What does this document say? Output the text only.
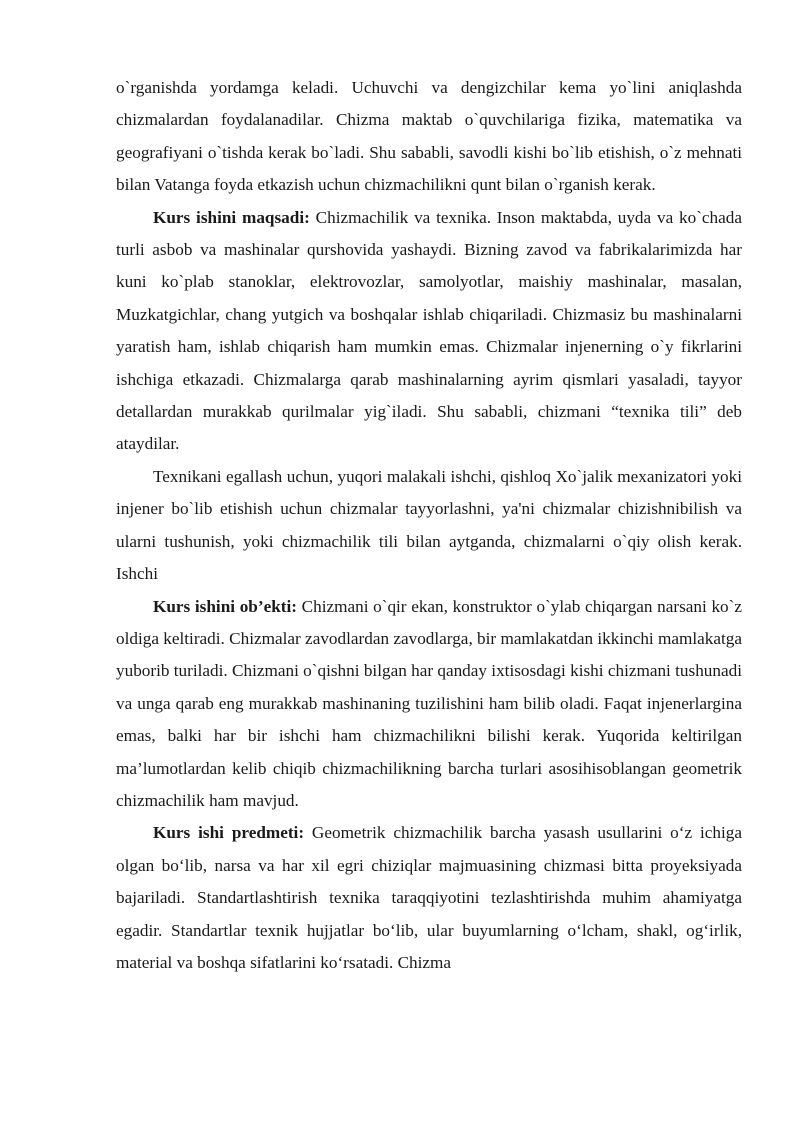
o`rganishda yordamga keladi. Uchuvchi va dengizchilar kema yo`lini aniqlashda chizmalardan foydalanadilar. Chizma maktab o`quvchilariga fizika, matematika va geografiyani o`tishda kerak bo`ladi. Shu sababli, savodli kishi bo`lib etishish, o`z mehnati bilan Vatanga foyda etkazish uchun chizmachilikni qunt bilan o`rganish kerak.

Kurs ishini maqsadi: Chizmachilik va texnika. Inson maktabda, uyda va ko`chada turli asbob va mashinalar qurshovida yashaydi. Bizning zavod va fabrikalarimizda har kuni ko`plab stanoklar, elektrovozlar, samolyotlar, maishiy mashinalar, masalan, Muzkatgichlar, chang yutgich va boshqalar ishlab chiqariladi. Chizmasiz bu mashinalarni yaratish ham, ishlab chiqarish ham mumkin emas. Chizmalar injenerning o`y fikrlarini ishchiga etkazadi. Chizmalarga qarab mashinalarning ayrim qismlari yasaladi, tayyor detallardan murakkab qurilmalar yig`iladi. Shu sababli, chizmani “texnika tili” deb ataydilar.

Texnikani egallash uchun, yuqori malakali ishchi, qishloq Xo`jalik mexanizatori yoki injener bo`lib etishish uchun chizmalar tayyorlashni, ya'ni chizmalar chizishnibilish va ularni tushunish, yoki chizmachilik tili bilan aytganda, chizmalarni o`qiy olish kerak. Ishchi

Kurs ishini ob’ekti: Chizmani o`qir ekan, konstruktor o`ylab chiqargan narsani ko`z oldiga keltiradi. Chizmalar zavodlardan zavodlarga, bir mamlakatdan ikkinchi mamlakatga yuborib turiladi. Chizmani o`qishni bilgan har qanday ixtisosdagi kishi chizmani tushunadi va unga qarab eng murakkab mashinaning tuzilishini ham bilib oladi. Faqat injenerlargina emas, balki har bir ishchi ham chizmachilikni bilishi kerak. Yuqorida keltirilgan ma’lumotlardan kelib chiqib chizmachilikning barcha turlari asosihisoblangan geometrik chizmachilik ham mavjud.

Kurs ishi predmeti: Geometrik chizmachilik barcha yasash usullarini o‘z ichiga olgan bo‘lib, narsa va har xil egri chiziqlar majmuasining chizmasi bitta proyeksiyada bajariladi. Standartlashtirish texnika taraqqiyotini tezlashtirishda muhim ahamiyatga egadir. Standartlar texnik hujjatlar bo‘lib, ular buyumlarning o‘lcham, shakl, og‘irlik, material va boshqa sifatlarini ko‘rsatadi. Chizma
